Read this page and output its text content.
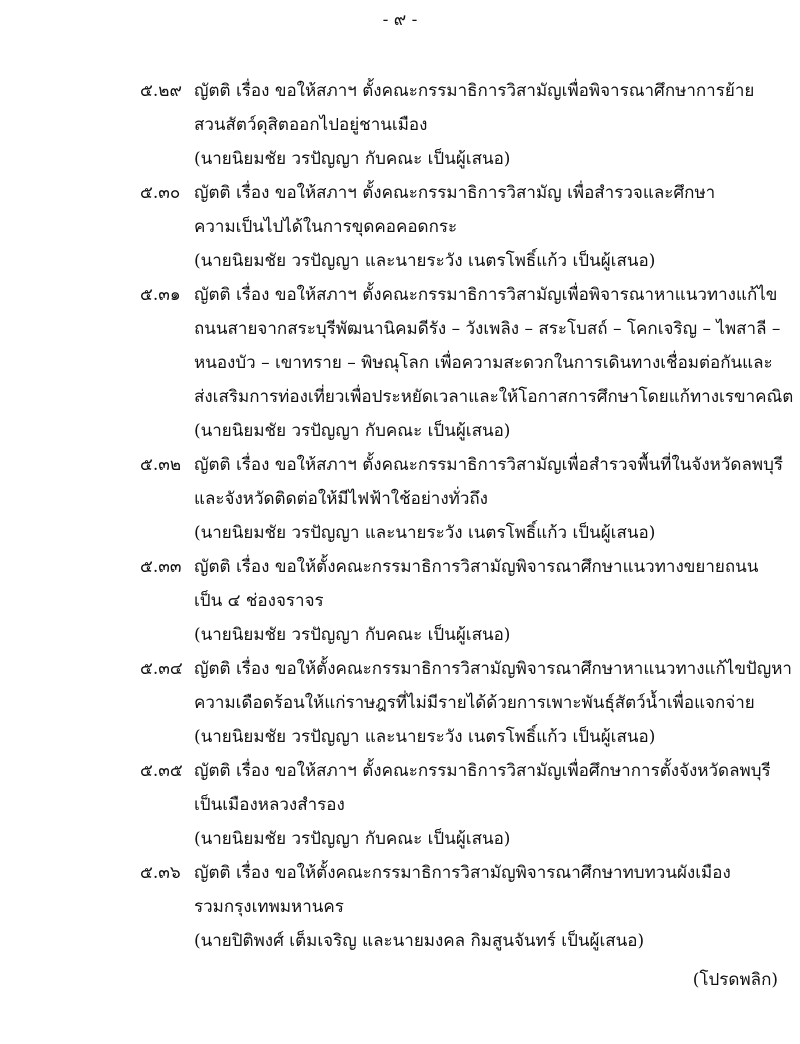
- ๙ -
๕.๒๙ ญัตติ เรื่อง ขอให้สภาฯ ตั้งคณะกรรมาธิการวิสามัญเพื่อพิจารณาศึกษาการย้าย
สวนสัตว์ดุสิตออกไปอยู่ชานเมือง
(นายนิยมชัย วรปัญญา กับคณะ เป็นผู้เสนอ)
๕.๓๐ ญัตติ เรื่อง ขอให้สภาฯ ตั้งคณะกรรมาธิการวิสามัญ เพื่อสำรวจและศึกษา
ความเป็นไปได้ในการขุดคอคอดกระ
(นายนิยมชัย วรปัญญา และนายระวัง เนตรโพธิ์แก้ว เป็นผู้เสนอ)
๕.๓๑ ญัตติ เรื่อง ขอให้สภาฯ ตั้งคณะกรรมาธิการวิสามัญเพื่อพิจารณาหาแนวทางแก้ไข
ถนนสายจากสระบุรีพัฒนานิคมดีรัง – วังเพลิง – สระโบสถ์ – โคกเจริญ – ไพสาลี –
หนองบัว – เขาทราย – พิษณุโลก เพื่อความสะดวกในการเดินทางเชื่อมต่อกันและ
ส่งเสริมการท่องเที่ยวเพื่อประหยัดเวลาและให้โอกาสการศึกษาโดยแก้ทางเรขาคณิต
(นายนิยมชัย วรปัญญา กับคณะ เป็นผู้เสนอ)
๕.๓๒ ญัตติ เรื่อง ขอให้สภาฯ ตั้งคณะกรรมาธิการวิสามัญเพื่อสำรวจพื้นที่ในจังหวัดลพบุรี
และจังหวัดติดต่อให้มีไฟฟ้าใช้อย่างทั่วถึง
(นายนิยมชัย วรปัญญา และนายระวัง เนตรโพธิ์แก้ว เป็นผู้เสนอ)
๕.๓๓ ญัตติ เรื่อง ขอให้ตั้งคณะกรรมาธิการวิสามัญพิจารณาศึกษาแนวทางขยายถนน
เป็น ๔ ช่องจราจร
(นายนิยมชัย วรปัญญา กับคณะ เป็นผู้เสนอ)
๕.๓๔ ญัตติ เรื่อง ขอให้ตั้งคณะกรรมาธิการวิสามัญพิจารณาศึกษาหาแนวทางแก้ไขปัญหา
ความเดือดร้อนให้แก่ราษฎรที่ไม่มีรายได้ด้วยการเพาะพันธุ์สัตว์น้ำเพื่อแจกจ่าย
(นายนิยมชัย วรปัญญา และนายระวัง เนตรโพธิ์แก้ว เป็นผู้เสนอ)
๕.๓๕ ญัตติ เรื่อง ขอให้สภาฯ ตั้งคณะกรรมาธิการวิสามัญเพื่อศึกษาการตั้งจังหวัดลพบุรี
เป็นเมืองหลวงสำรอง
(นายนิยมชัย วรปัญญา กับคณะ เป็นผู้เสนอ)
๕.๓๖ ญัตติ เรื่อง ขอให้ตั้งคณะกรรมาธิการวิสามัญพิจารณาศึกษาทบทวนผังเมือง
รวมกรุงเทพมหานคร
(นายปิติพงศ์ เต็มเจริญ และนายมงคล กิมสูนจันทร์ เป็นผู้เสนอ)
(โปรดพลิก)
